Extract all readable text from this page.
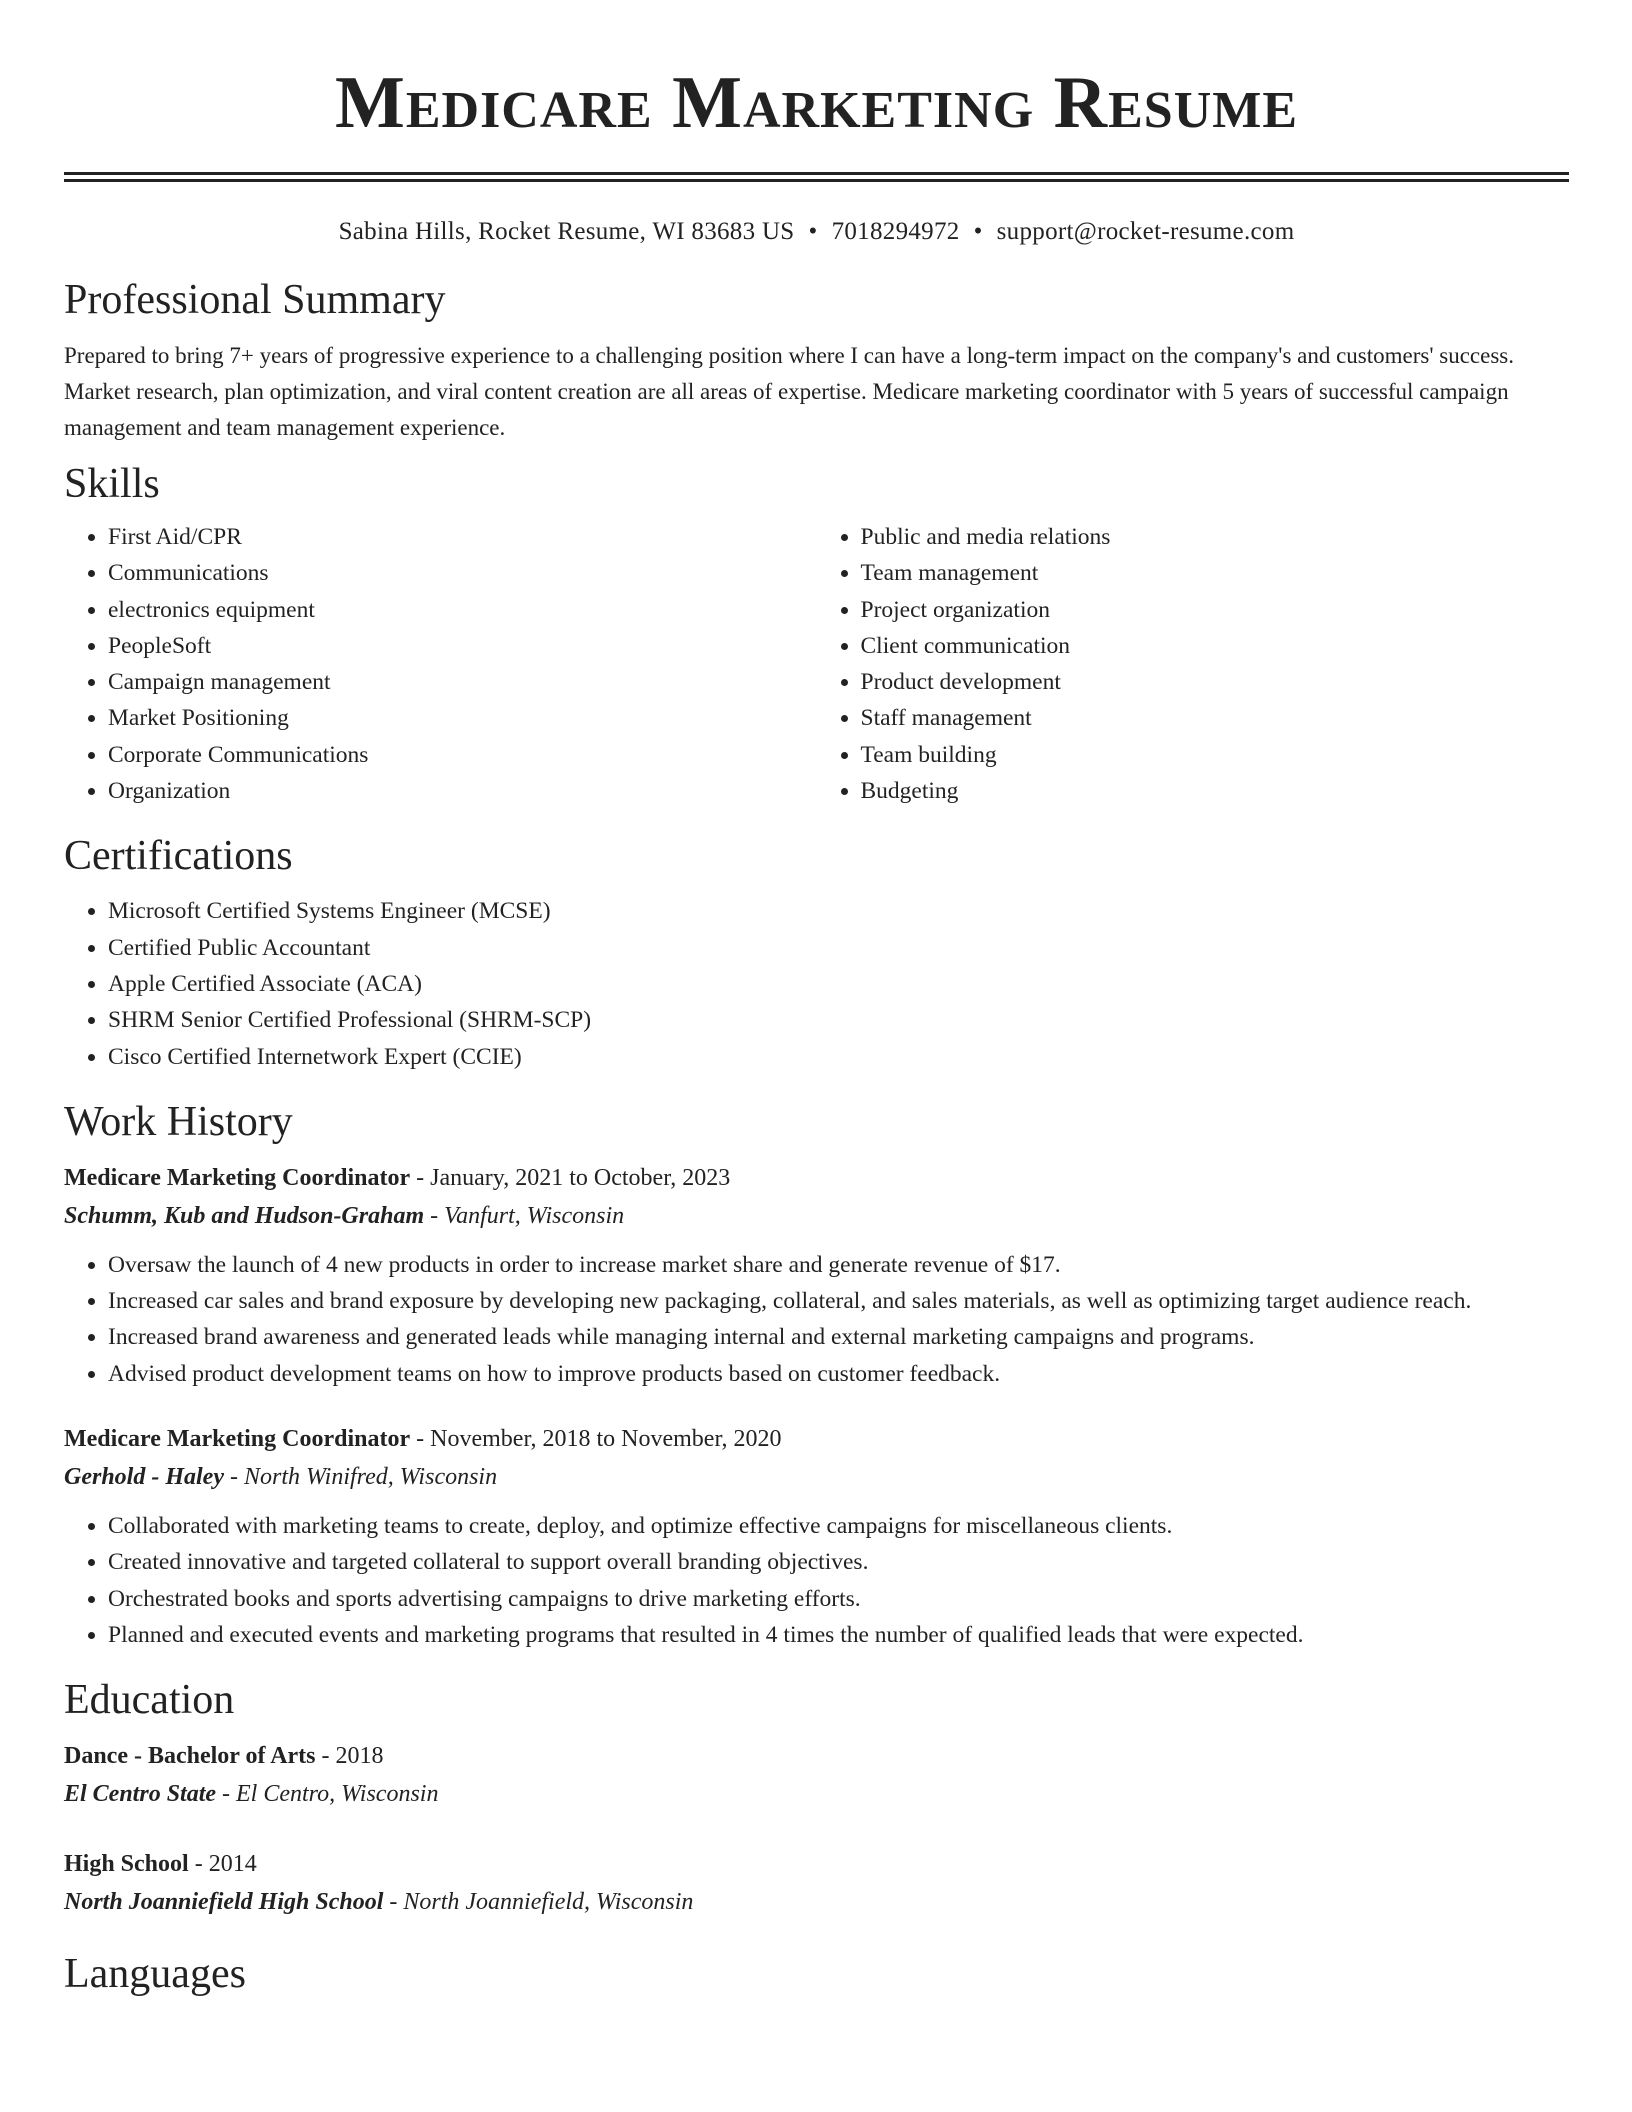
Medicare Marketing Resume
Sabina Hills, Rocket Resume, WI 83683 US • 7018294972 • support@rocket-resume.com
Professional Summary

Prepared to bring 7+ years of progressive experience to a challenging position where I can have a long-term impact on the company's and customers' success. Market research, plan optimization, and viral content creation are all areas of expertise. Medicare marketing coordinator with 5 years of successful campaign management and team management experience.

Skills
• First Aid/CPR
• Communications
• electronics equipment
• PeopleSoft
• Campaign management
• Market Positioning
• Corporate Communications
• Organization
• Public and media relations
• Team management
• Project organization
• Client communication
• Product development
• Staff management
• Team building
• Budgeting
Certifications
• Microsoft Certified Systems Engineer (MCSE)
• Certified Public Accountant
• Apple Certified Associate (ACA)
• SHRM Senior Certified Professional (SHRM-SCP)
• Cisco Certified Internetwork Expert (CCIE)
Work History
Medicare Marketing Coordinator - January, 2021 to October, 2023
Schumm, Kub and Hudson-Graham - Vanfurt, Wisconsin
• Oversaw the launch of 4 new products in order to increase market share and generate revenue of $17.
• Increased car sales and brand exposure by developing new packaging, collateral, and sales materials, as well as optimizing target audience reach.
• Increased brand awareness and generated leads while managing internal and external marketing campaigns and programs.
• Advised product development teams on how to improve products based on customer feedback.
Medicare Marketing Coordinator - November, 2018 to November, 2020
Gerhold - Haley - North Winifred, Wisconsin
• Collaborated with marketing teams to create, deploy, and optimize effective campaigns for miscellaneous clients.
• Created innovative and targeted collateral to support overall branding objectives.
• Orchestrated books and sports advertising campaigns to drive marketing efforts.
• Planned and executed events and marketing programs that resulted in 4 times the number of qualified leads that were expected.
Education
Dance - Bachelor of Arts - 2018
El Centro State - El Centro, Wisconsin
High School - 2014
North Joanniefield High School - North Joanniefield, Wisconsin
Languages
